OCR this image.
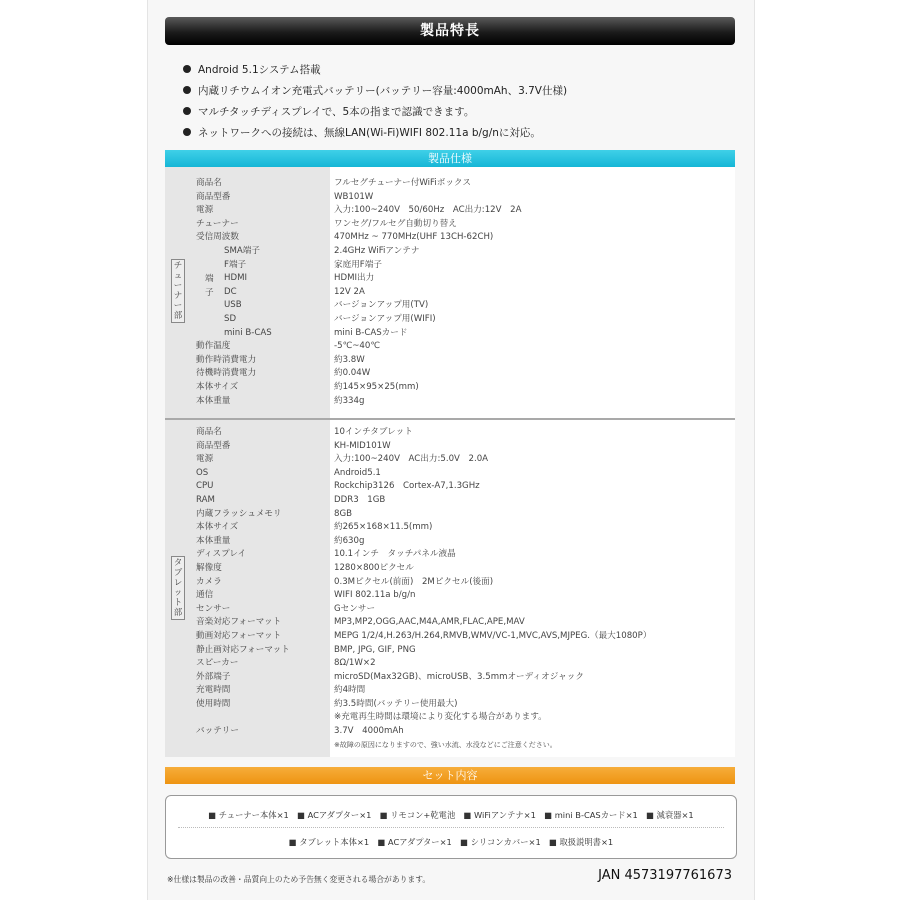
製品特長
Android 5.1システム搭載
内蔵リチウムイオン充電式バッテリー(バッテリー容量:4000mAh、3.7V仕様)
マルチタッチディスプレイで、5本の指まで認識できます。
ネットワークへの接続は、無線LAN(Wi-Fi)WIFI 802.11a b/g/nに対応。
製品仕様
商品名	フルセグチューナー付WiFiボックス
商品型番	WB101W
電源	入力:100~240V　50/60Hz　AC出力:12V　2A
チューナー	ワンセグ/フルセグ自動切り替え
受信周波数	470MHz ~ 770MHz(UHF 13CH-62CH)
SMA端子	2.4GHz WiFiアンテナ
F端子	家庭用F端子
HDMI	HDMI出力
DC	12V 2A
USB	バージョンアップ用(TV)
SD	バージョンアップ用(WIFI)
mini B-CAS	mini B-CASカード
動作温度	-5℃~40℃
動作時消費電力	約3.8W
待機時消費電力	約0.04W
本体サイズ	約145×95×25(mm)
本体重量	約334g
チューナー部
端子
商品名	10インチタブレット
商品型番	KH-MID101W
電源	入力:100~240V　AC出力:5.0V　2.0A
OS	Android5.1
CPU	Rockchip3126　Cortex-A7,1.3GHz
RAM	DDR3　1GB
内蔵フラッシュメモリ	8GB
本体サイズ	約265×168×11.5(mm)
本体重量	約630g
ディスプレイ	10.1インチ　タッチパネル液晶
解像度	1280×800ピクセル
カメラ	0.3Mピクセル(前面)　2Mピクセル(後面)
通信	WIFI 802.11a b/g/n
センサー	Gセンサー
音楽対応フォーマット	MP3,MP2,OGG,AAC,M4A,AMR,FLAC,APE,MAV
動画対応フォーマット	MEPG 1/2/4,H.263/H.264,RMVB,WMV/VC-1,MVC,AVS,MJPEG.（最大1080P）
静止画対応フォーマット	BMP, JPG, GIF, PNG
スピーカー	8Ω/1W×2
外部端子	microSD(Max32GB)、microUSB、3.5mmオーディオジャック
充電時間	約4時間
使用時間	約3.5時間(バッテリー使用最大)
※充電再生時間は環境により変化する場合があります。
バッテリー	3.7V　4000mAh
※故障の原因になりますので、強い水流、水没などにご注意ください。
タブレット部
セット内容
■ チューナー本体×1　■ ACアダプター×1　■ リモコン+乾電池　■ WiFiアンテナ×1　■ mini B-CASカード×1　■ 減衰器×1
■ タブレット本体×1　■ ACアダプター×1　■ シリコンカバー×1　■ 取扱説明書×1
※仕様は製品の改善・品質向上のため予告無く変更される場合があります。	JAN 4573197761673
